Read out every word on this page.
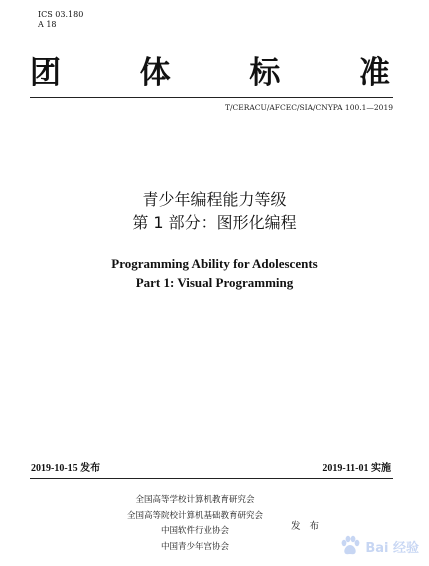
ICS 03.180
A 18
团	体	标	准
T/CERACU/AFCEC/SIA/CNYPA 100.1—2019
青少年编程能力等级
第 1 部分：图形化编程
Programming Ability for Adolescents
Part 1: Visual Programming
2019-10-15 发布	2019-11-01 实施
全国高等学校计算机教育研究会
全国高等院校计算机基础教育研究会
中国软件行业协会
中国青少年宫协会
发 布
Bai 经验
